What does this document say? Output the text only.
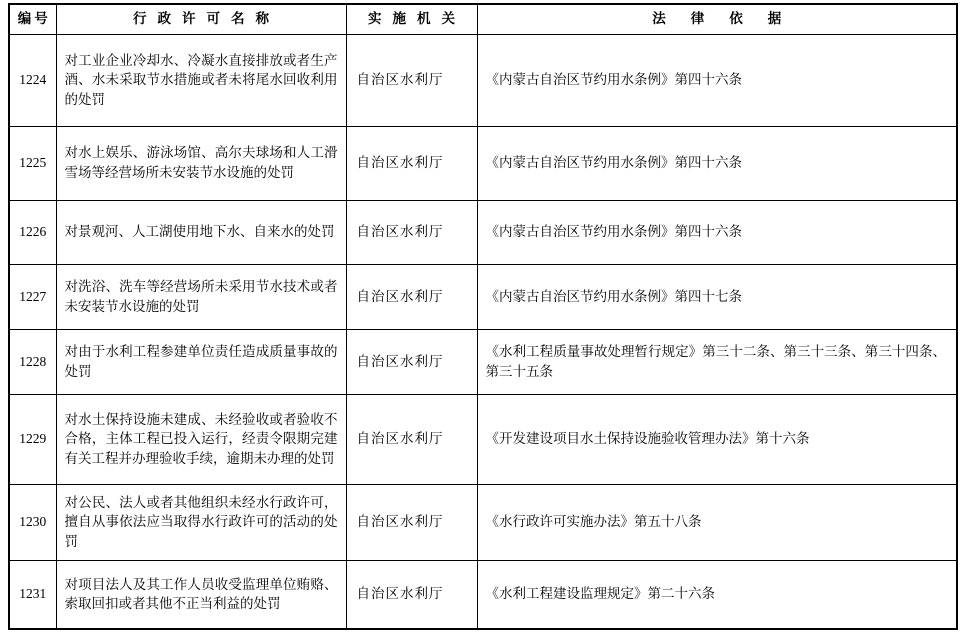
编号	行政许可名称	实施机关	法律依据
1224	对工业企业冷却水、冷凝水直接排放或者生产酒、水未采取节水措施或者未将尾水回收利用的处罚	自治区水利厅	《内蒙古自治区节约用水条例》第四十六条
1225	对水上娱乐、游泳场馆、高尔夫球场和人工滑雪场等经营场所未安装节水设施的处罚	自治区水利厅	《内蒙古自治区节约用水条例》第四十六条
1226	对景观河、人工湖使用地下水、自来水的处罚	自治区水利厅	《内蒙古自治区节约用水条例》第四十六条
1227	对洗浴、洗车等经营场所未采用节水技术或者未安装节水设施的处罚	自治区水利厅	《内蒙古自治区节约用水条例》第四十七条
1228	对由于水利工程参建单位责任造成质量事故的处罚	自治区水利厅	《水利工程质量事故处理暂行规定》第三十二条、第三十三条、第三十四条、第三十五条
1229	对水土保持设施未建成、未经验收或者验收不合格，主体工程已投入运行，经责令限期完建有关工程并办理验收手续，逾期未办理的处罚	自治区水利厅	《开发建设项目水土保持设施验收管理办法》第十六条
1230	对公民、法人或者其他组织未经水行政许可，擅自从事依法应当取得水行政许可的活动的处罚	自治区水利厅	《水行政许可实施办法》第五十八条
1231	对项目法人及其工作人员收受监理单位贿赂、索取回扣或者其他不正当利益的处罚	自治区水利厅	《水利工程建设监理规定》第二十六条
